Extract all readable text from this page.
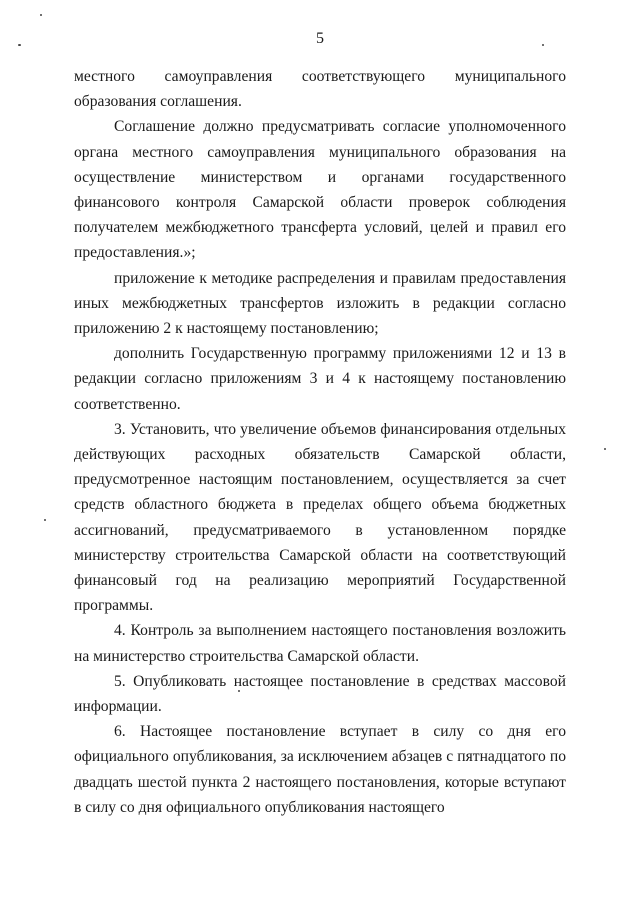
5

местного самоуправления соответствующего муниципального образования соглашения.

Соглашение должно предусматривать согласие уполномоченного органа местного самоуправления муниципального образования на осуществление министерством и органами государственного финансового контроля Самарской области проверок соблюдения получателем межбюджетного трансферта условий, целей и правил его предоставления.»;

приложение к методике распределения и правилам предоставления иных межбюджетных трансфертов изложить в редакции согласно приложению 2 к настоящему постановлению;

дополнить Государственную программу приложениями 12 и 13 в редакции согласно приложениям 3 и 4 к настоящему постановлению соответственно.

3. Установить, что увеличение объемов финансирования отдельных действующих расходных обязательств Самарской области, предусмотренное настоящим постановлением, осуществляется за счет средств областного бюджета в пределах общего объема бюджетных ассигнований, предусматриваемого в установленном порядке министерству строительства Самарской области на соответствующий финансовый год на реализацию мероприятий Государственной программы.

4. Контроль за выполнением настоящего постановления возложить на министерство строительства Самарской области.

5. Опубликовать настоящее постановление в средствах массовой информации.

6. Настоящее постановление вступает в силу со дня его официального опубликования, за исключением абзацев с пятнадцатого по двадцать шестой пункта 2 настоящего постановления, которые вступают в силу со дня официального опубликования настоящего
